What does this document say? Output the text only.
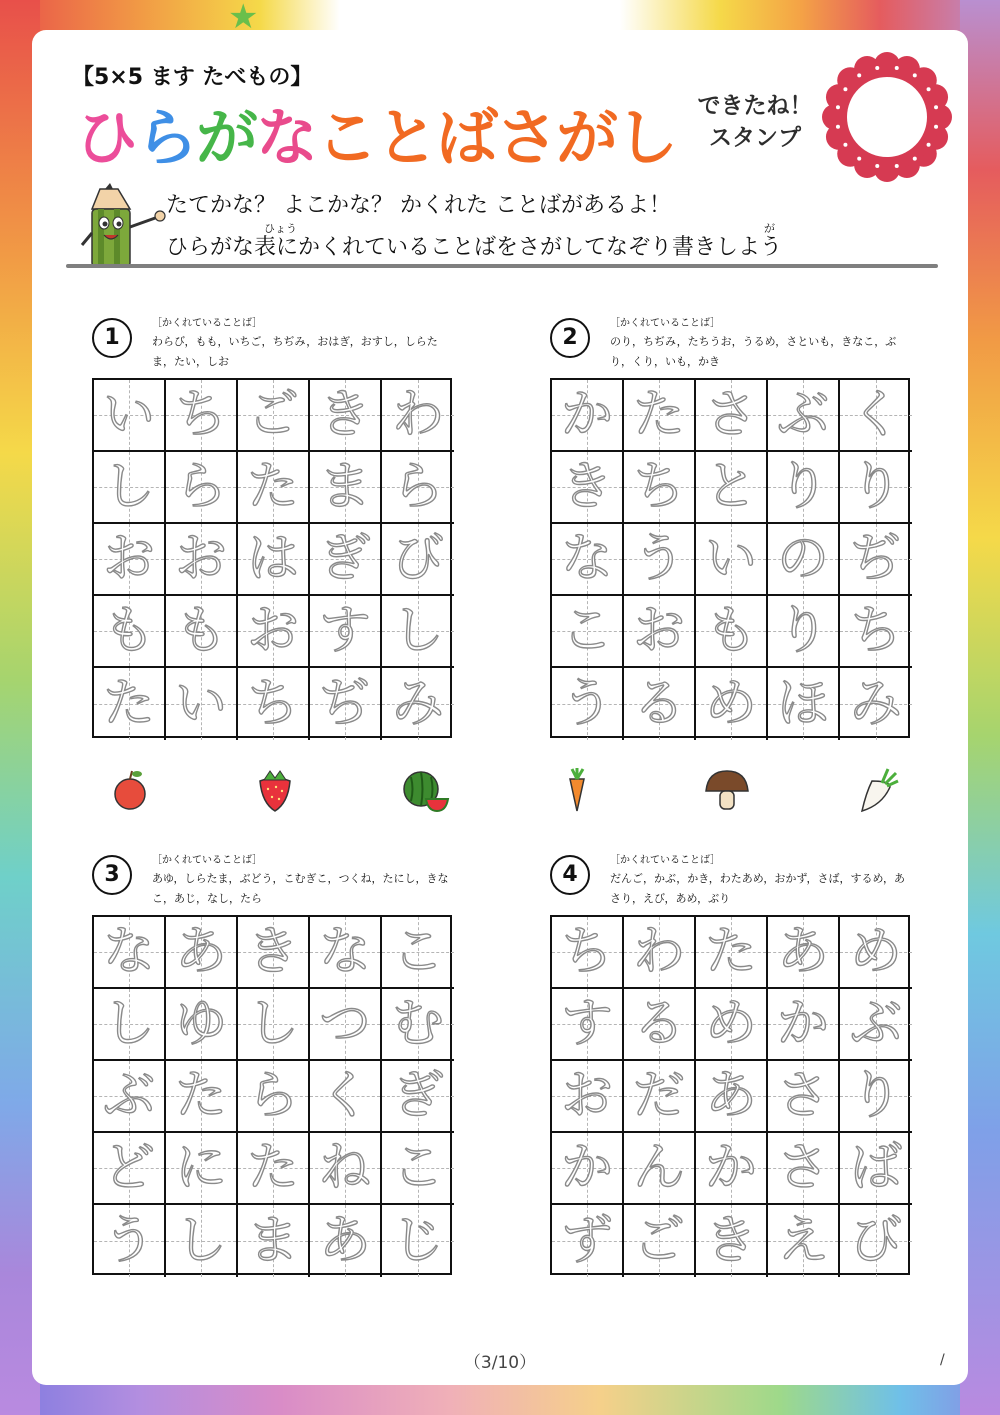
★
【5×5 ます たべもの】
ひらがなことばさがし できたね！
スタンプ
たてかな？ よこかな？ かくれた ことばがあるよ！
ひょう	が
ひらがな表にかくれていることばをさがしてなぞり書きしよう
1
［かくれていることば］
わらび，もも，いちご，ちぢみ，おはぎ，おすし，しらたま，たい，しお
い ち ご き わ
し ら た ま ら
お お は ぎ び
も も お す し
た い ち ぢ み
2
［かくれていることば］
のり，ちぢみ，たちうお，うるめ，さといも，きなこ，ぶり，くり，いも，かき
か た さ ぶ く
き ち と り り
な う い の ぢ
こ お も り ち
う る め ほ み
3
［かくれていることば］
あゆ，しらたま，ぶどう，こむぎこ，つくね，たにし，きなこ，あじ，なし，たら
な あ き な こ
し ゆ し つ む
ぶ た ら く ぎ
ど に た ね こ
う し ま あ じ
4
［かくれていることば］
だんご，かぶ，かき，わたあめ，おかず，さば，するめ，あさり，えび，あめ，ぶり
ち わ た あ め
す る め か ぶ
お だ あ さ り
か ん か さ ば
ず ご き え び
（3/10）	/
